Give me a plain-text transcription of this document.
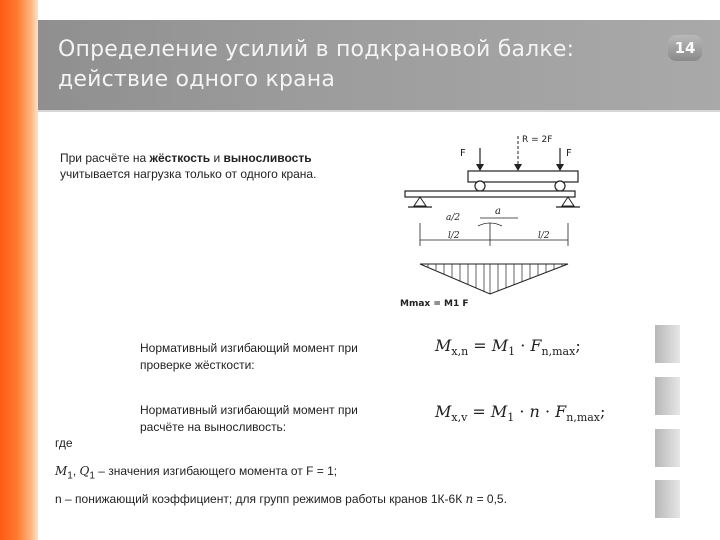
Определение усилий в подкрановой балке:
действие одного крана
14

При расчёте на жёсткость и выносливость учитывается нагрузка только от одного крана.

R = 2F
F	F
a
a/2
l/2	l/2
Mmax = M1 F

Нормативный изгибающий момент при проверке жёсткости:

$M_{x,n} = M_1 \cdot F_{n,max}$;

Нормативный изгибающий момент при расчёте на выносливость:

$M_{x,v} = M_1 \cdot n \cdot F_{n,max}$;

где

$M_1$, $Q_1$ – значения изгибающего момента от F = 1;

n – понижающий коэффициент; для групп режимов работы кранов 1К-6К n = 0,5.
